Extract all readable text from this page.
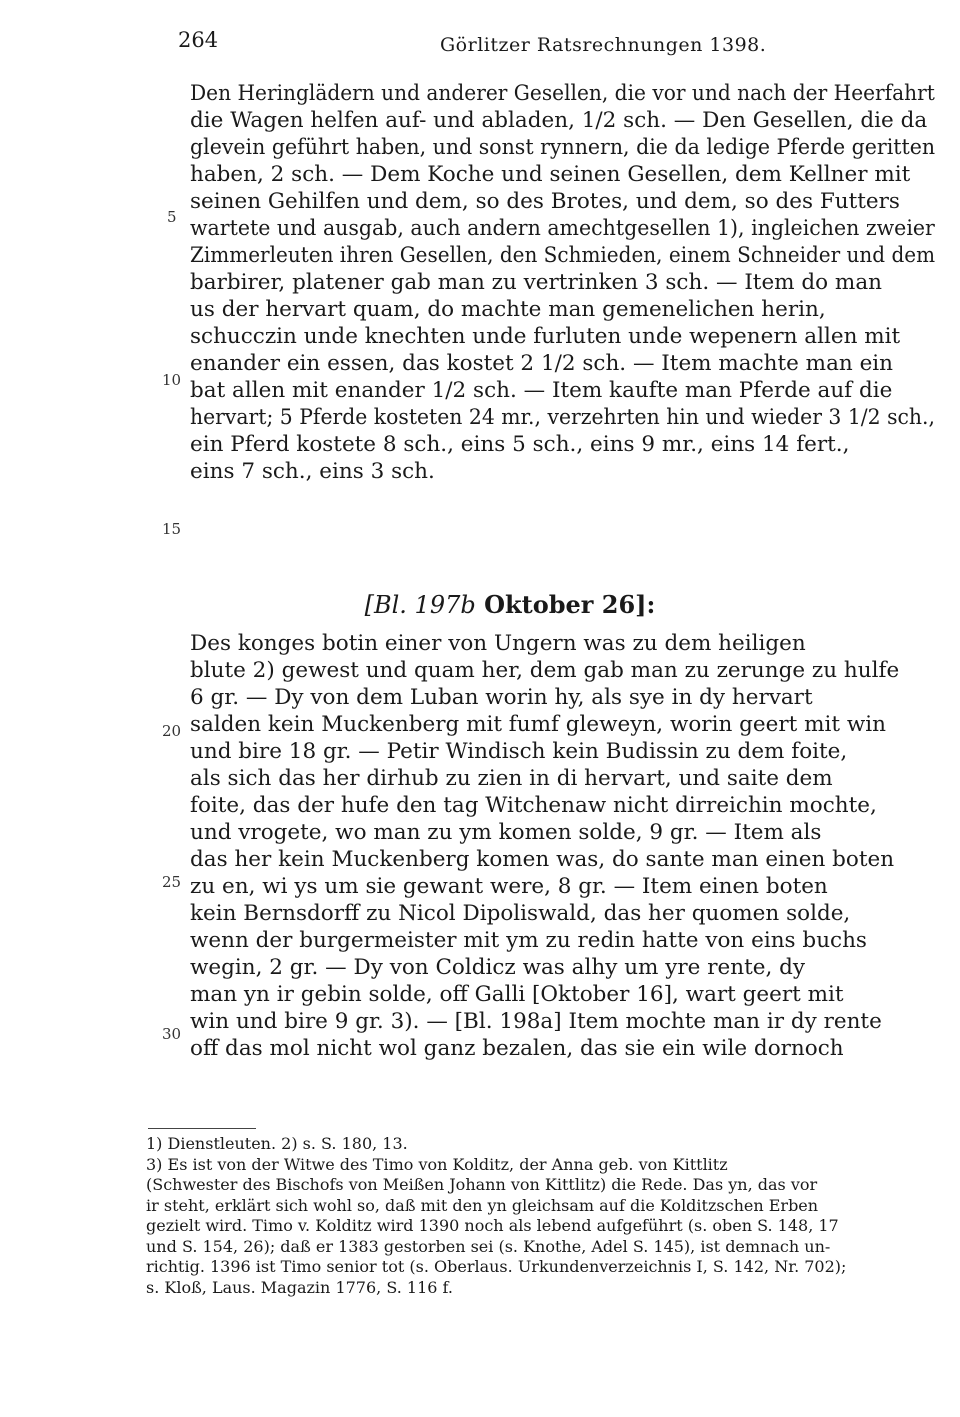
264	Görlitzer Ratsrechnungen 1398.
Den Heringlädern und anderer Gesellen, die vor und nach der Heerfahrt
die Wagen helfen auf- und abladen, 1/2 sch. — Den Gesellen, die da
glevein geführt haben, und sonst rynnern, die da ledige Pferde geritten
haben, 2 sch. — Dem Koche und seinen Gesellen, dem Kellner mit
seinen Gehilfen und dem, so des Brotes, und dem, so des Futters
wartete und ausgab, auch andern amechtgesellen 1), ingleichen zweier
Zimmerleuten ihren Gesellen, den Schmieden, einem Schneider und dem
barbirer, platener gab man zu vertrinken 3 sch. — Item do man
us der hervart quam, do machte man gemenelichen herin,
schucczin unde knechten unde furluten unde wepenern allen mit
enander ein essen, das kostet 2 1/2 sch. — Item machte man ein
bat allen mit enander 1/2 sch. — Item kaufte man Pferde auf die
hervart; 5 Pferde kosteten 24 mr., verzehrten hin und wieder 3 1/2 sch.,
ein Pferd kostete 8 sch., eins 5 sch., eins 9 mr., eins 14 fert.,
eins 7 sch., eins 3 sch.
5
10
15
[Bl. 197b Oktober 26]:
Des konges botin einer von Ungern was zu dem heiligen
blute 2) gewest und quam her, dem gab man zu zerunge zu hulfe
6 gr. — Dy von dem Luban worin hy, als sye in dy hervart
salden kein Muckenberg mit fumf gleweyn, worin geert mit win
und bire 18 gr. — Petir Windisch kein Budissin zu dem foite,
als sich das her dirhub zu zien in di hervart, und saite dem
foite, das der hufe den tag Witchenaw nicht dirreichin mochte,
und vrogete, wo man zu ym komen solde, 9 gr. — Item als
das her kein Muckenberg komen was, do sante man einen boten
zu en, wi ys um sie gewant were, 8 gr. — Item einen boten
kein Bernsdorff zu Nicol Dipoliswald, das her quomen solde,
wenn der burgermeister mit ym zu redin hatte von eins buchs
wegin, 2 gr. — Dy von Coldicz was alhy um yre rente, dy
man yn ir gebin solde, off Galli [Oktober 16], wart geert mit
win und bire 9 gr. 3). — [Bl. 198a] Item mochte man ir dy rente
off das mol nicht wol ganz bezalen, das sie ein wile dornoch
20
25
30
1) Dienstleuten. 2) s. S. 180, 13.
3) Es ist von der Witwe des Timo von Kolditz, der Anna geb. von Kittlitz
(Schwester des Bischofs von Meißen Johann von Kittlitz) die Rede. Das yn, das vor
ir steht, erklärt sich wohl so, daß mit den yn gleichsam auf die Kolditzschen Erben
gezielt wird. Timo v. Kolditz wird 1390 noch als lebend aufgeführt (s. oben S. 148, 17
und S. 154, 26); daß er 1383 gestorben sei (s. Knothe, Adel S. 145), ist demnach un-
richtig. 1396 ist Timo senior tot (s. Oberlaus. Urkundenverzeichnis I, S. 142, Nr. 702);
s. Kloß, Laus. Magazin 1776, S. 116 f.
